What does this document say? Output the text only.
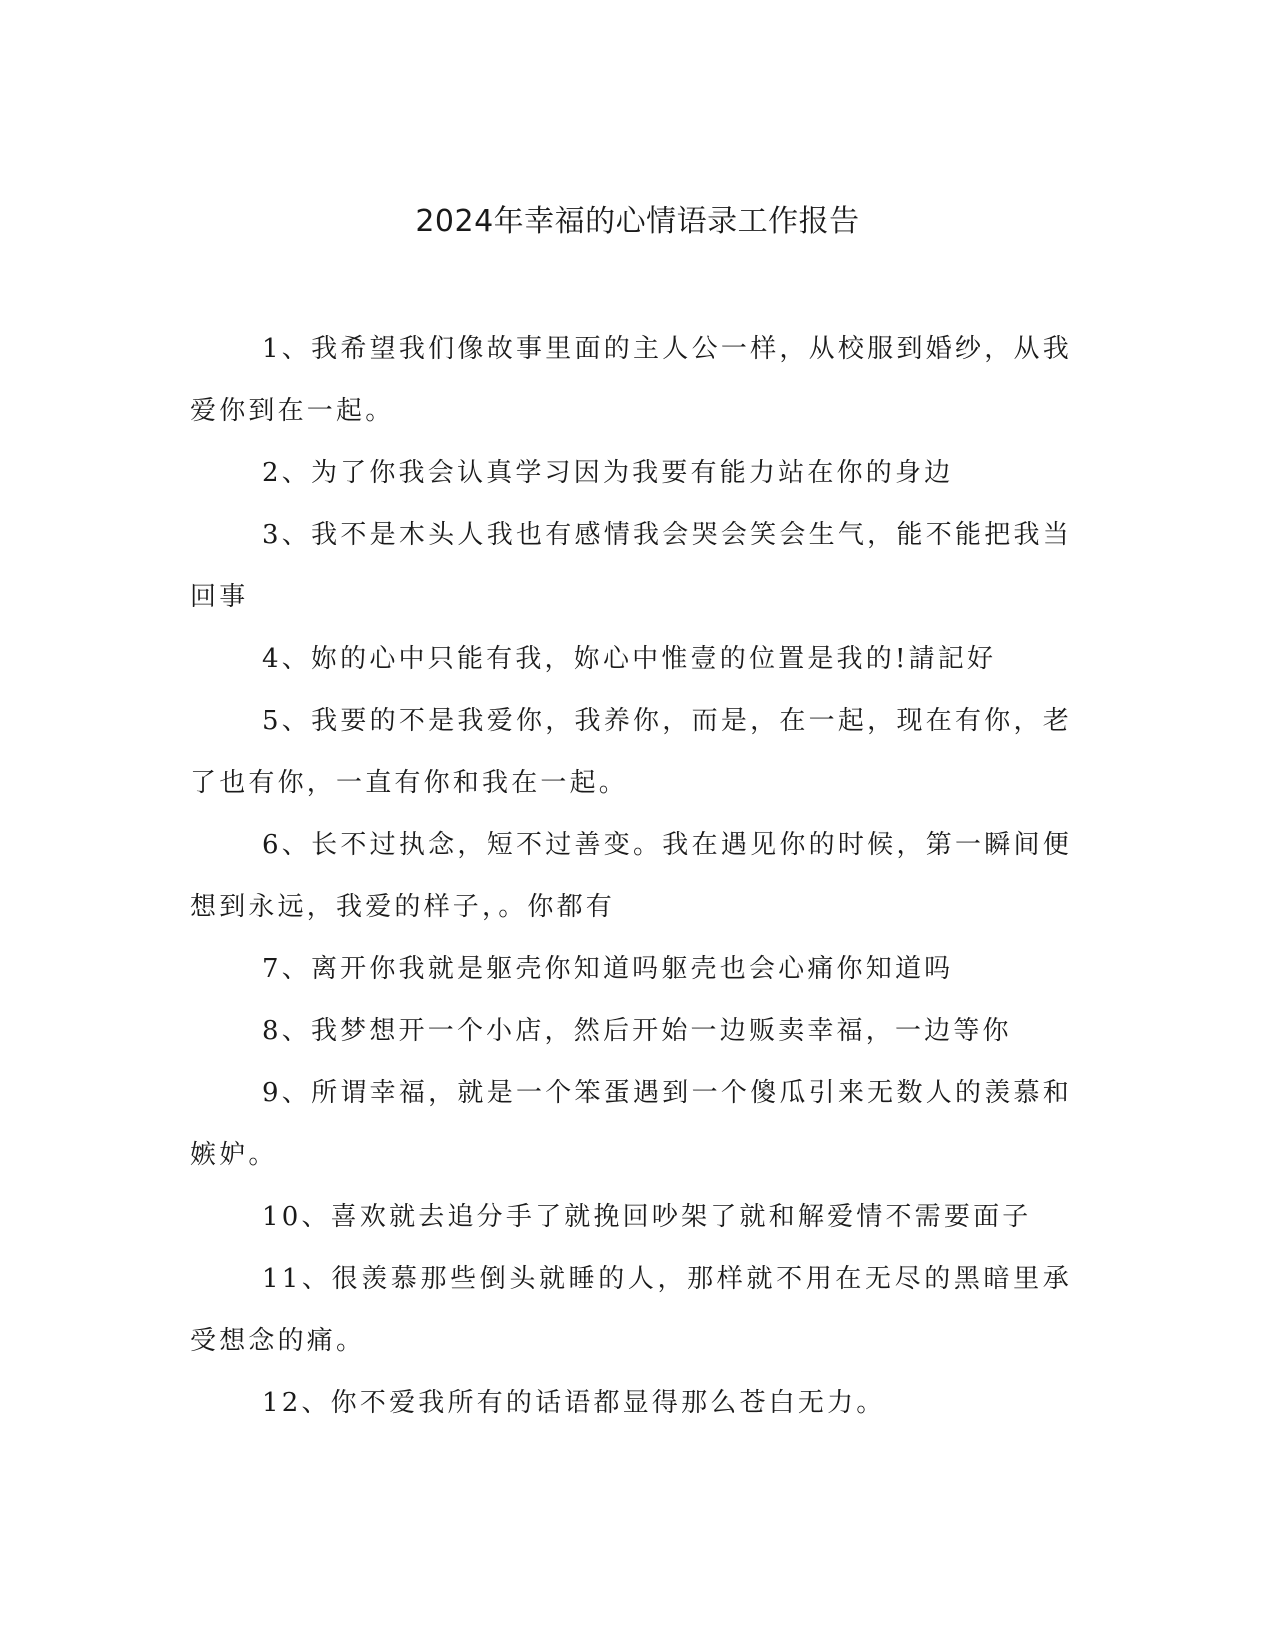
2024年幸福的心情语录工作报告

1、我希望我们像故事里面的主人公一样，从校服到婚纱，从我爱你到在一起。

2、为了你我会认真学习因为我要有能力站在你的身边

3、我不是木头人我也有感情我会哭会笑会生气，能不能把我当回事

4、妳的心中只能有我，妳心中惟壹的位置是我的!請記好

5、我要的不是我爱你，我养你，而是，在一起，现在有你，老了也有你，一直有你和我在一起。

6、长不过执念，短不过善变。我在遇见你的时候，第一瞬间便想到永远，我爱的样子，。你都有

7、离开你我就是躯壳你知道吗躯壳也会心痛你知道吗

8、我梦想开一个小店，然后开始一边贩卖幸福，一边等你

9、所谓幸福，就是一个笨蛋遇到一个傻瓜引来无数人的羡慕和嫉妒。

10、喜欢就去追分手了就挽回吵架了就和解爱情不需要面子

11、很羡慕那些倒头就睡的人，那样就不用在无尽的黑暗里承受想念的痛。

12、你不爱我所有的话语都显得那么苍白无力。
